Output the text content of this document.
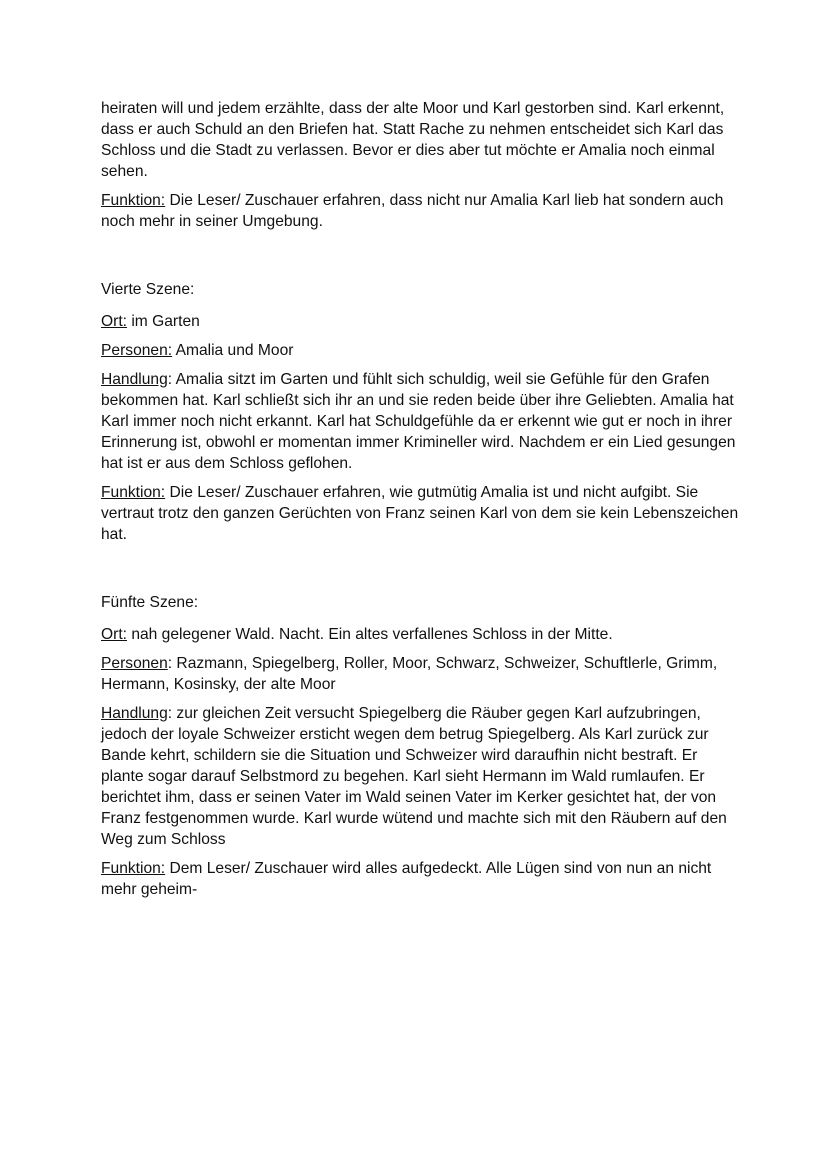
heiraten will und jedem erzählte, dass der alte Moor und Karl gestorben sind. Karl erkennt, dass er auch Schuld an den Briefen hat. Statt Rache zu nehmen entscheidet sich Karl das Schloss und die Stadt zu verlassen. Bevor er dies aber tut möchte er Amalia noch einmal sehen.

Funktion: Die Leser/ Zuschauer erfahren, dass nicht nur Amalia Karl lieb hat sondern auch noch mehr in seiner Umgebung.

Vierte Szene:

Ort: im Garten

Personen: Amalia und Moor

Handlung: Amalia sitzt im Garten und fühlt sich schuldig, weil sie Gefühle für den Grafen bekommen hat. Karl schließt sich ihr an und sie reden beide über ihre Geliebten. Amalia hat Karl immer noch nicht erkannt. Karl hat Schuldgefühle da er erkennt wie gut er noch in ihrer Erinnerung ist, obwohl er momentan immer Krimineller wird. Nachdem er ein Lied gesungen hat ist er aus dem Schloss geflohen.

Funktion: Die Leser/ Zuschauer erfahren, wie gutmütig Amalia ist und nicht aufgibt. Sie vertraut trotz den ganzen Gerüchten von Franz seinen Karl von dem sie kein Lebenszeichen hat.

Fünfte Szene:

Ort: nah gelegener Wald. Nacht. Ein altes verfallenes Schloss in der Mitte.

Personen: Razmann, Spiegelberg, Roller, Moor, Schwarz, Schweizer, Schuftlerle, Grimm, Hermann, Kosinsky, der alte Moor

Handlung: zur gleichen Zeit versucht Spiegelberg die Räuber gegen Karl aufzubringen, jedoch der loyale Schweizer ersticht wegen dem betrug Spiegelberg. Als Karl zurück zur Bande kehrt, schildern sie die Situation und Schweizer wird daraufhin nicht bestraft. Er plante sogar darauf Selbstmord zu begehen. Karl sieht Hermann im Wald rumlaufen. Er berichtet ihm, dass er seinen Vater im Wald seinen Vater im Kerker gesichtet hat, der von Franz festgenommen wurde. Karl wurde wütend und machte sich mit den Räubern auf den Weg zum Schloss

Funktion: Dem Leser/ Zuschauer wird alles aufgedeckt. Alle Lügen sind von nun an nicht mehr geheim-
